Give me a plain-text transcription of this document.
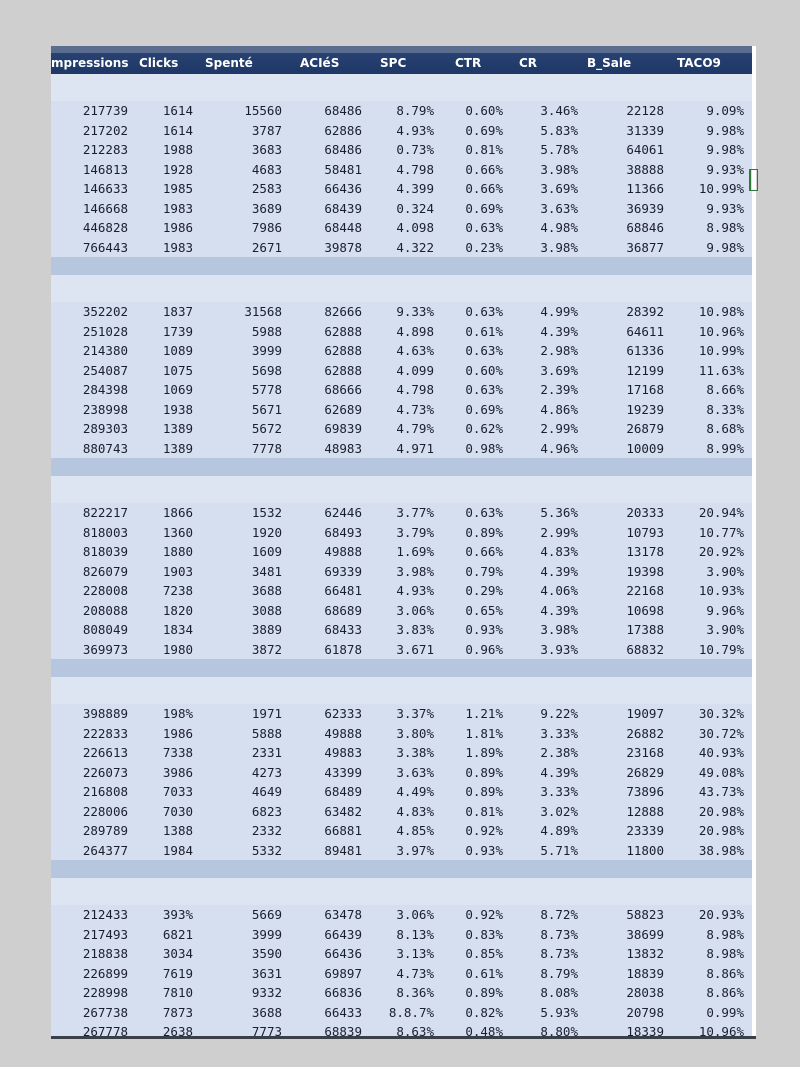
mpressions Clicks Spenté	ACIéS	SPC	CTR	CR	B_Sale	TACO9
217739	1614	15560	68486	8.79%	0.60%	3.46%	22128	9.09%
217202	1614	3787	62886	4.93%	0.69%	5.83%	31339	9.98%
212283	1988	3683	68486	0.73%	0.81%	5.78%	64061	9.98%
146813	1928	4683	58481	4.798	0.66%	3.98%	38888	9.93%
146633	1985	2583	66436	4.399	0.66%	3.69%	11366	10.99%
146668	1983	3689	68439	0.324	0.69%	3.63%	36939	9.93%
446828	1986	7986	68448	4.098	0.63%	4.98%	68846	8.98%
766443	1983	2671	39878	4.322	0.23%	3.98%	36877	9.98%
352202	1837	31568	82666	9.33%	0.63%	4.99%	28392	10.98%
251028	1739	5988	62888	4.898	0.61%	4.39%	64611	10.96%
214380	1089	3999	62888	4.63%	0.63%	2.98%	61336	10.99%
254087	1075	5698	62888	4.099	0.60%	3.69%	12199	11.63%
284398	1069	5778	68666	4.798	0.63%	2.39%	17168	8.66%
238998	1938	5671	62689	4.73%	0.69%	4.86%	19239	8.33%
289303	1389	5672	69839	4.79%	0.62%	2.99%	26879	8.68%
880743	1389	7778	48983	4.971	0.98%	4.96%	10009	8.99%
822217	1866	1532	62446	3.77%	0.63%	5.36%	20333	20.94%
818003	1360	1920	68493	3.79%	0.89%	2.99%	10793	10.77%
818039	1880	1609	49888	1.69%	0.66%	4.83%	13178	20.92%
826079	1903	3481	69339	3.98%	0.79%	4.39%	19398	3.90%
228008	7238	3688	66481	4.93%	0.29%	4.06%	22168	10.93%
208088	1820	3088	68689	3.06%	0.65%	4.39%	10698	9.96%
808049	1834	3889	68433	3.83%	0.93%	3.98%	17388	3.90%
369973	1980	3872	61878	3.671	0.96%	3.93%	68832	10.79%
398889	198%	1971	62333	3.37%	1.21%	9.22%	19097	30.32%
222833	1986	5888	49888	3.80%	1.81%	3.33%	26882	30.72%
226613	7338	2331	49883	3.38%	1.89%	2.38%	23168	40.93%
226073	3986	4273	43399	3.63%	0.89%	4.39%	26829	49.08%
216808	7033	4649	68489	4.49%	0.89%	3.33%	73896	43.73%
228006	7030	6823	63482	4.83%	0.81%	3.02%	12888	20.98%
289789	1388	2332	66881	4.85%	0.92%	4.89%	23339	20.98%
264377	1984	5332	89481	3.97%	0.93%	5.71%	11800	38.98%
212433	393%	5669	63478	3.06%	0.92%	8.72%	58823	20.93%
217493	6821	3999	66439	8.13%	0.83%	8.73%	38699	8.98%
218838	3034	3590	66436	3.13%	0.85%	8.73%	13832	8.98%
226899	7619	3631	69897	4.73%	0.61%	8.79%	18839	8.86%
228998	7810	9332	66836	8.36%	0.89%	8.08%	28038	8.86%
267738	7873	3688	66433 8.8.7%	0.82%	5.93%	20798	0.99%
267778	2638	7773	68839	8.63%	0.48%	8.80%	18339	10.96%
